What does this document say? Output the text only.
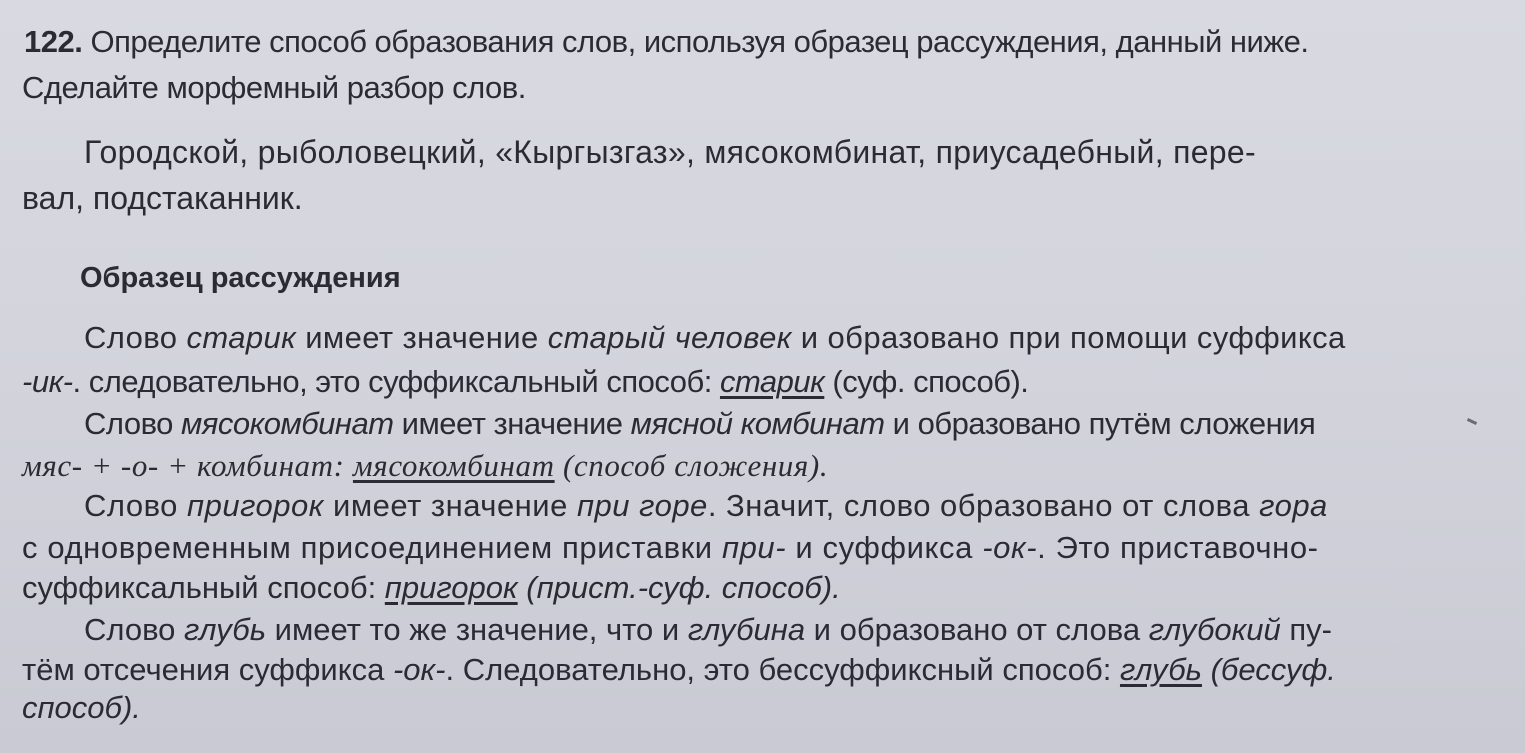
122. Определите способ образования слов, используя образец рассуждения, данный ниже.
Сделайте морфемный разбор слов.
Городской, рыболовецкий, «Кыргызгаз», мясокомбинат, приусадебный, пере-
вал, подстаканник.
Образец рассуждения
Слово старик имеет значение старый человек и образовано при помощи суффикса
-ик-. следовательно, это суффиксальный способ: старик (суф. способ).
Слово мясокомбинат имеет значение мясной комбинат и образовано путём сложения
мяс- + -о- + комбинат: мясокомбинат (способ сложения).
Слово пригорок имеет значение при горе. Значит, слово образовано от слова гора
с одновременным присоединением приставки при- и суффикса -ок-. Это приставочно-
суффиксальный способ: пригорок (прист.-суф. способ).
Слово глубь имеет то же значение, что и глубина и образовано от слова глубокий пу-
тём отсечения суффикса -ок-. Следовательно, это бессуффиксный способ: глубь (бессуф.
способ).
